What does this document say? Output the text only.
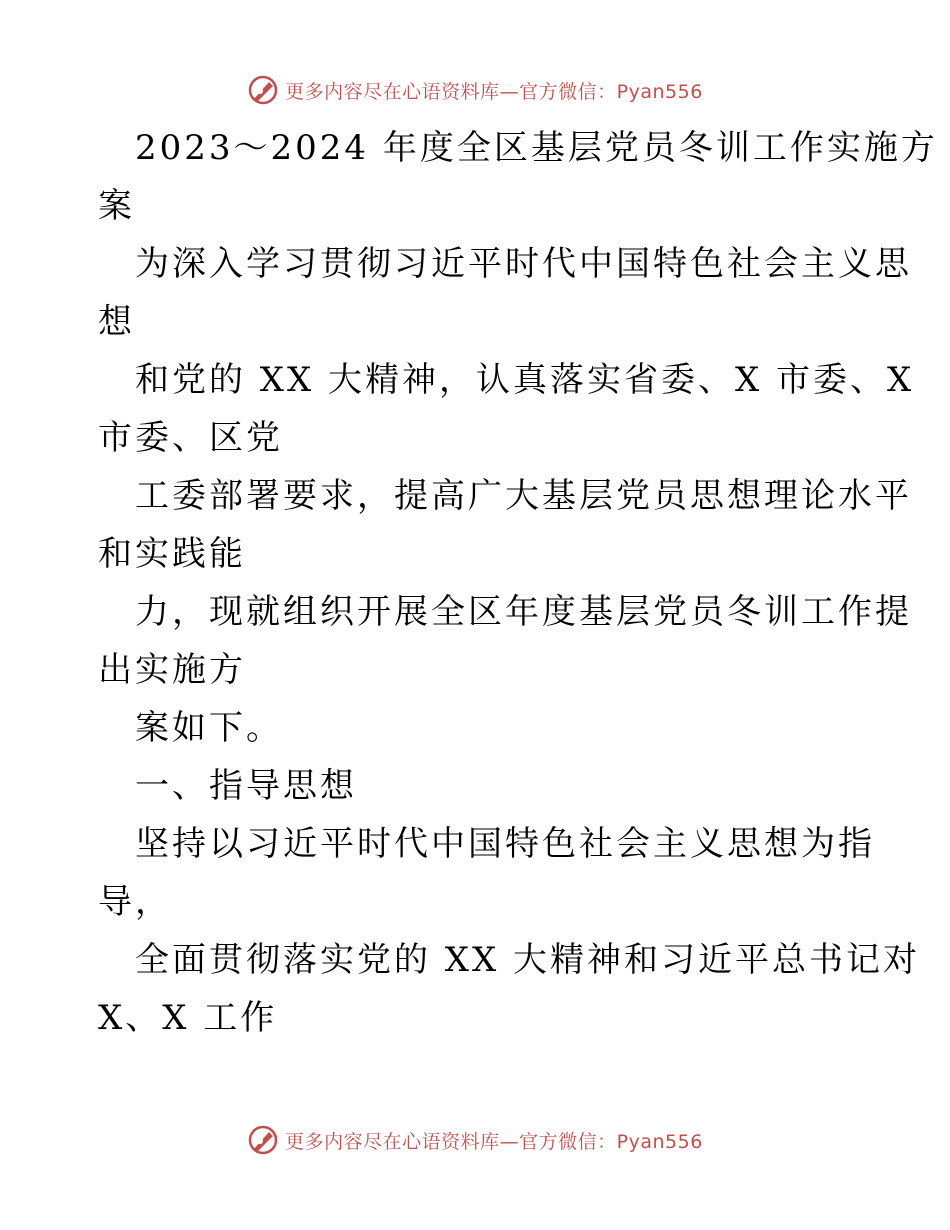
更多内容尽在心语资料库—官方微信：Pyan556
2023～2024 年度全区基层党员冬训工作实施方
案
为深入学习贯彻习近平时代中国特色社会主义思
想
和党的 XX 大精神，认真落实省委、X 市委、X
市委、区党
工委部署要求，提高广大基层党员思想理论水平
和实践能
力，现就组织开展全区年度基层党员冬训工作提
出实施方
案如下。
一、指导思想
坚持以习近平时代中国特色社会主义思想为指
导，
全面贯彻落实党的 XX 大精神和习近平总书记对
X、X 工作
更多内容尽在心语资料库—官方微信：Pyan556
